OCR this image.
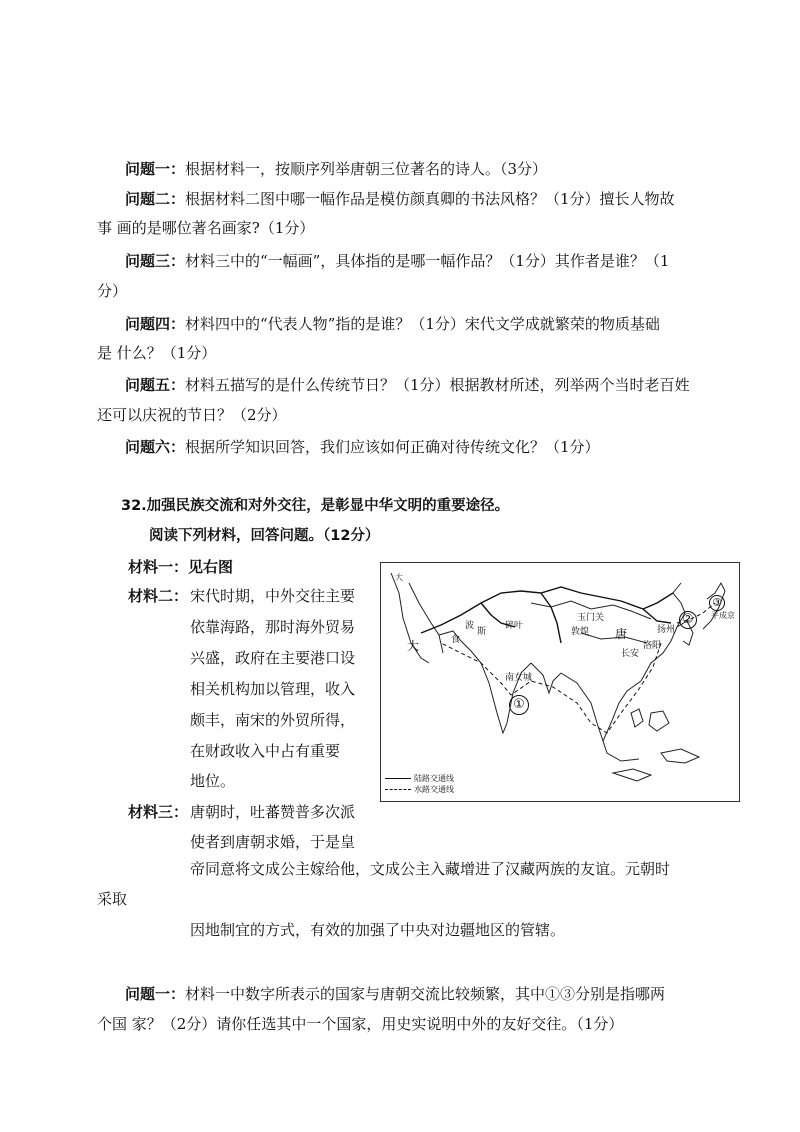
问题一：根据材料一，按顺序列举唐朝三位著名的诗人。（3分）
问题二：根据材料二图中哪一幅作品是模仿颜真卿的书法风格？（1分）擅长人物故
事 画的是哪位著名画家?（1分）
问题三：材料三中的“一幅画”，具体指的是哪一幅作品？（1分）其作者是谁？（1
分）
问题四：材料四中的“代表人物”指的是谁？（1分）宋代文学成就繁荣的物质基础
是 什么？（1分）
问题五：材料五描写的是什么传统节日？（1分）根据教材所述，列举两个当时老百姓
还可以庆祝的节日？（2分）
问题六：根据所学知识回答，我们应该如何正确对待传统文化？（1分）
32.加强民族交流和对外交往，是彰显中华文明的重要途径。
阅读下列材料，回答问题。（12分）
材料一：见右图
材料二： 宋代时期，中外交往主要
依靠海路，那时海外贸易
兴盛，政府在主要港口设
相关机构加以管理，收入
颇丰，南宋的外贸所得，
在财政收入中占有重要
地位。
材料三： 唐朝时，吐蕃赞普多次派
使者到唐朝求婚，于是皇
帝同意将文成公主嫁给他，文成公主入藏增进了汉藏两族的友谊。元朝时
采取
因地制宜的方式，有效的加强了中央对边疆地区的管辖。
问题一：材料一中数字所表示的国家与唐朝交流比较频繁，其中①③分别是指哪两
个国 家？（2分）请你任选其中一个国家，用史实说明中外的友好交往。（1分）
大
大	食
波
斯
碎叶
玉门关
敦煌 唐
长安
洛阳
扬州
南女城
平成京
①
②
③
陆路交通线
水路交通线
